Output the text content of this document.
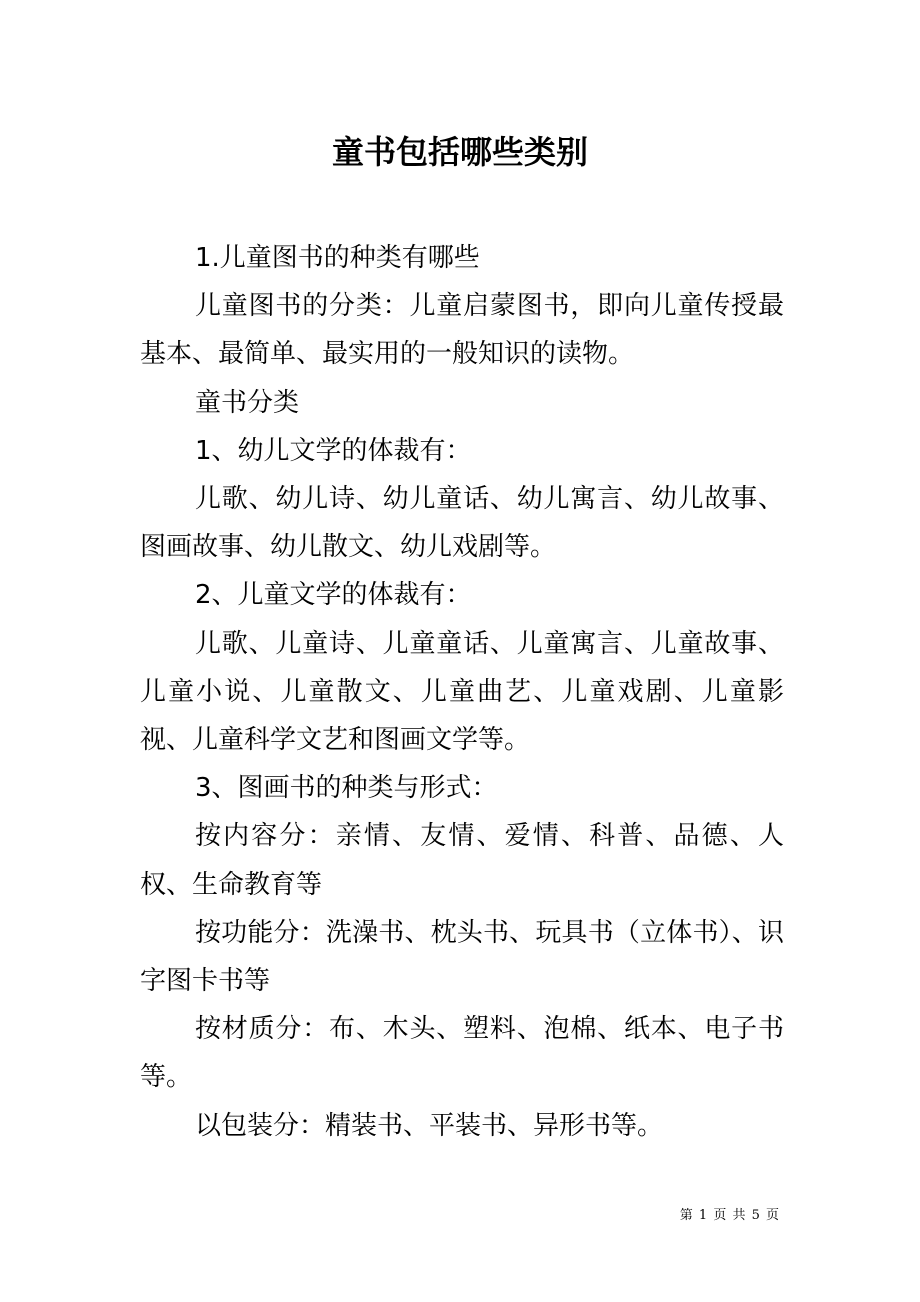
童书包括哪些类别

1.儿童图书的种类有哪些

儿童图书的分类：儿童启蒙图书，即向儿童传授最基本、最简单、最实用的一般知识的读物。

童书分类

1、幼儿文学的体裁有：

儿歌、幼儿诗、幼儿童话、幼儿寓言、幼儿故事、图画故事、幼儿散文、幼儿戏剧等。

2、儿童文学的体裁有：

儿歌、儿童诗、儿童童话、儿童寓言、儿童故事、儿童小说、儿童散文、儿童曲艺、儿童戏剧、儿童影视、儿童科学文艺和图画文学等。

3、图画书的种类与形式：

按内容分：亲情、友情、爱情、科普、品德、人权、生命教育等

按功能分：洗澡书、枕头书、玩具书（立体书）、识字图卡书等

按材质分：布、木头、塑料、泡棉、纸本、电子书等。

以包装分：精装书、平装书、异形书等。

第 1 页 共 5 页
